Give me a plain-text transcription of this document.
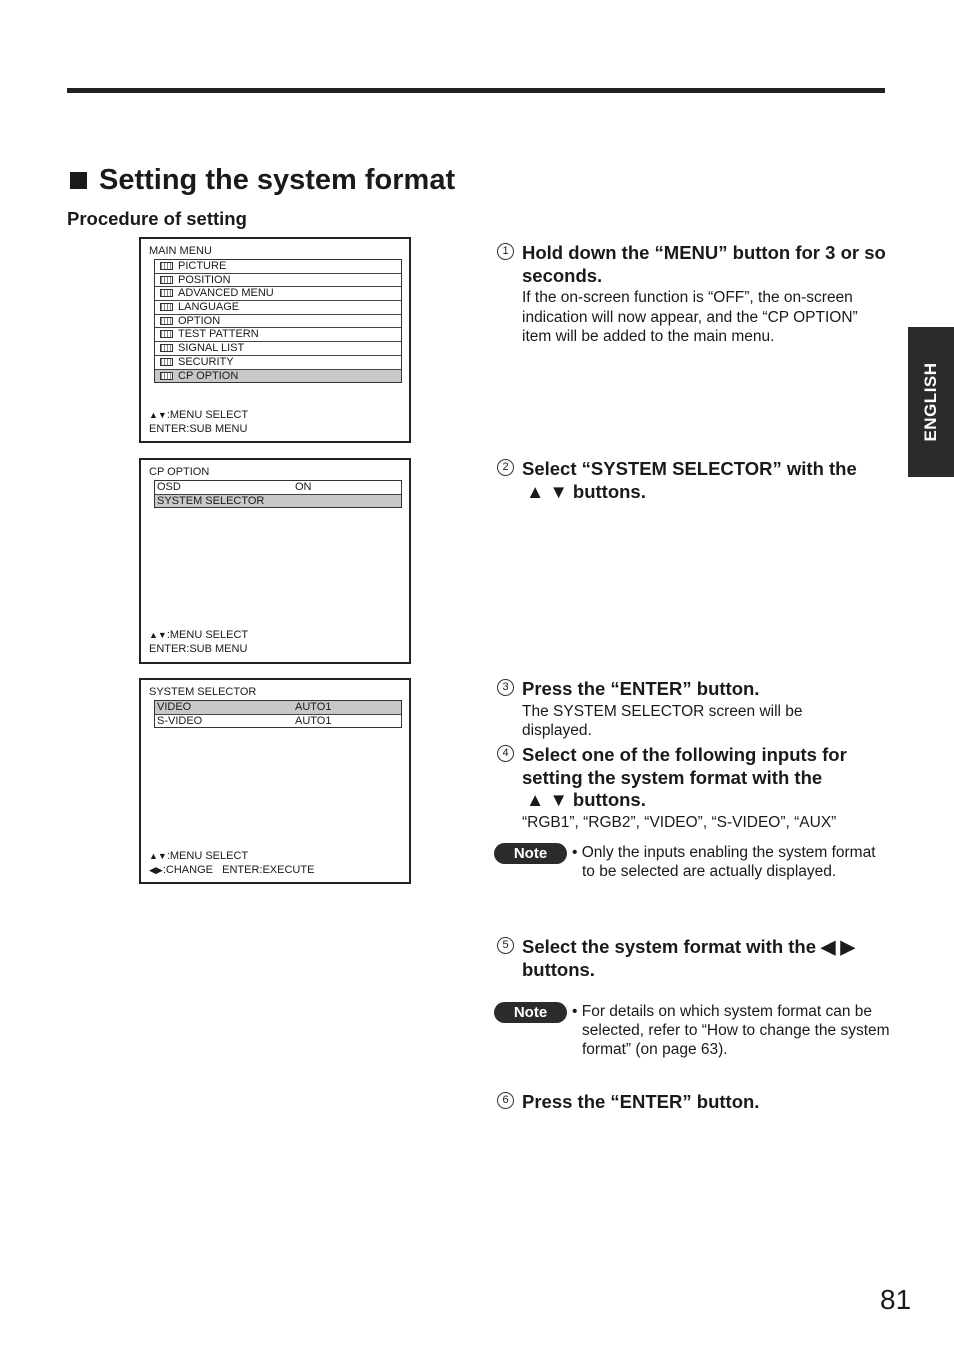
Setting the system format
Procedure of setting
ENGLISH
MAIN MENU
PICTURE
POSITION
ADVANCED MENU
LANGUAGE
OPTION
TEST PATTERN
SIGNAL LIST
SECURITY
CP OPTION
▲▼:MENU SELECT
ENTER:SUB MENU
CP OPTION
OSD	ON
SYSTEM SELECTOR
▲▼:MENU SELECT
ENTER:SUB MENU
SYSTEM SELECTOR
VIDEO	AUTO1
S-VIDEO	AUTO1
▲▼:MENU SELECT
◀▶:CHANGE   ENTER:EXECUTE
1 Hold down the “MENU” button for 3 or so seconds.
If the on-screen function is “OFF”, the on-screen indication will now appear, and the “CP OPTION” item will be added to the main menu.
2 Select “SYSTEM SELECTOR” with the
▲ ▼ buttons.
3 Press the “ENTER” button.
The SYSTEM SELECTOR screen will be displayed.
4 Select one of the following inputs for setting the system format with the
▲ ▼ buttons.
“RGB1”, “RGB2”, “VIDEO”, “S-VIDEO”, “AUX”
Note	• Only the inputs enabling the system format to be selected are actually displayed.
5 Select the system format with the ◀ ▶
buttons.
Note	• For details on which system format can be selected, refer to “How to change the system format” (on page 63).
6 Press the “ENTER” button.
81
